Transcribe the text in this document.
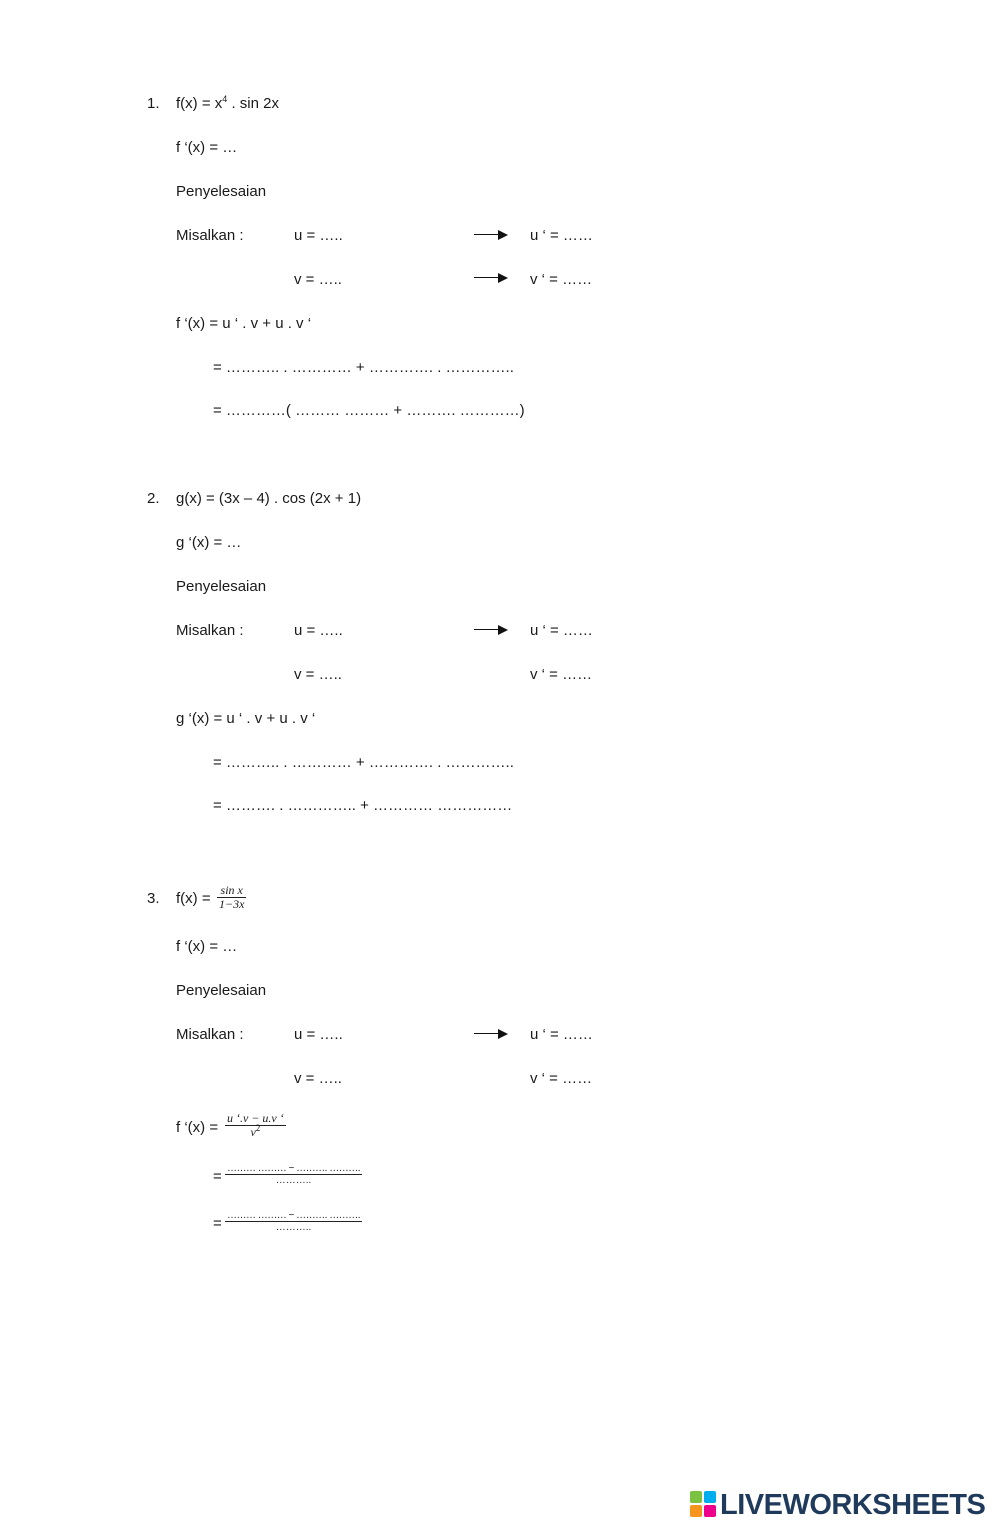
1. $f(x) = x^4$ . sin 2x
f ‘(x) = …
Penyelesaian
Misalkan :	u = …..	u ‘ = ……
v = …..	v ‘ = ……
f ‘(x) = u ‘ . v + u . v ‘
= ……….. . ………… + …………. . …………..
= …………( ……… ……… + ………. …………)
2. g(x) = (3x – 4) . cos (2x + 1)
g ‘(x) = …
Penyelesaian
Misalkan :	u = …..	u ‘ = ……
v = …..	v ‘ = ……
g ‘(x) = u ‘ . v + u . v ‘
= ……….. . ………… + …………. . …………..
= ………. . ………….. + ………… ……………
3. $f(x) = \frac{\text{sin x}}{1-3x}$
f ‘(x) = …
Penyelesaian
Misalkan :	u = …..	u ‘ = ……
v = …..	v ‘ = ……
f ‘$(x) = \frac{u ‘.v - u.v ‘}{v^2}$
= ……… ……… − ………. ……….
………..
= ……… ……… − ………. ……….
………..
LIVEWORKSHEETS
